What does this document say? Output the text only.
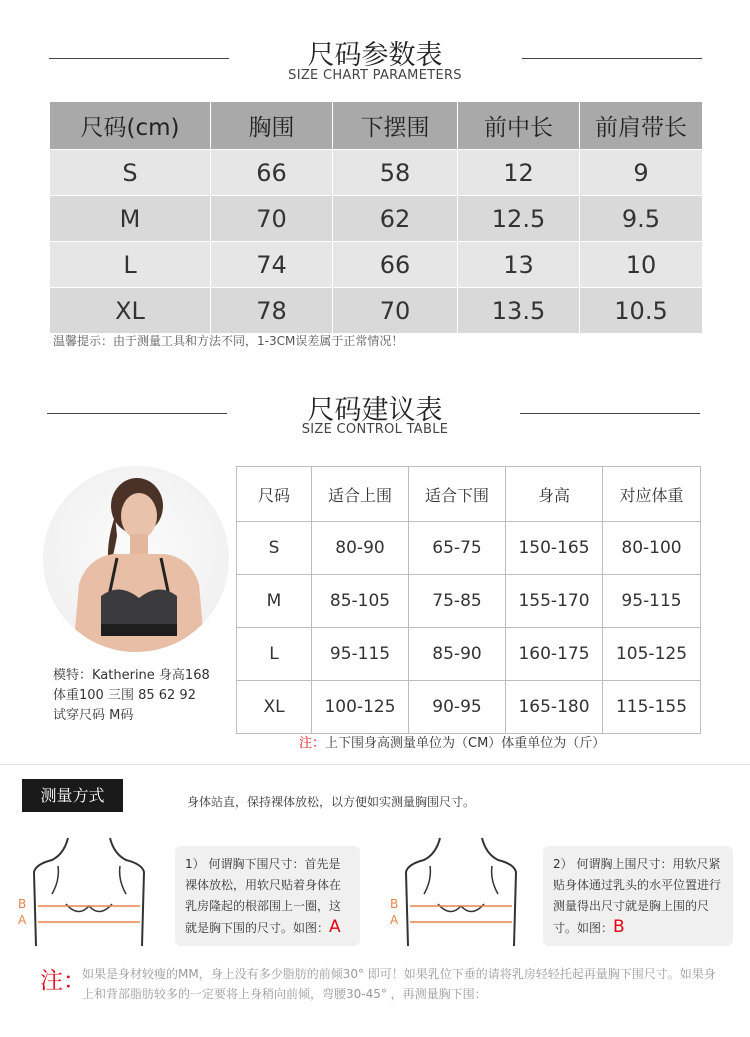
尺码参数表
SIZE CHART PARAMETERS
尺码(cm)	胸围	下摆围	前中长	前肩带长
S	66	58	12	9
M	70	62	12.5	9.5
L	74	66	13	10
XL	78	70	13.5	10.5
温馨提示：由于测量工具和方法不同，1-3CM误差属于正常情况！
尺码建议表
SIZE CONTROL TABLE
模特：Katherine 身高168
体重100 三围 85 62 92
试穿尺码 M码
尺码	适合上围	适合下围	身高	对应体重
S	80-90	65-75	150-165	80-100
M	85-105	75-85	155-170	95-115
L	95-115	85-90	160-175	105-125
XL	100-125	90-95	165-180	115-155
注：上下围身高测量单位为（CM）体重单位为（斤）
测量方式	身体站直，保持裸体放松，以方便如实测量胸围尺寸。
B
A
1） 何谓胸下围尺寸：首先是裸体放松，用软尺贴着身体在乳房隆起的根部围上一圈，这就是胸下围的尺寸。如图：A
B
A
2） 何谓胸上围尺寸：用软尺紧贴身体通过乳头的水平位置进行测量得出尺寸就是胸上围的尺寸。如图：B
注：
如果是身材较瘦的MM，身上没有多少脂肪的前倾30° 即可！如果乳位下垂的请将乳房轻轻托起再量胸下围尺寸。如果身上和背部脂肪较多的一定要将上身稍向前倾，弯腰30-45° ，再测量胸下围：
